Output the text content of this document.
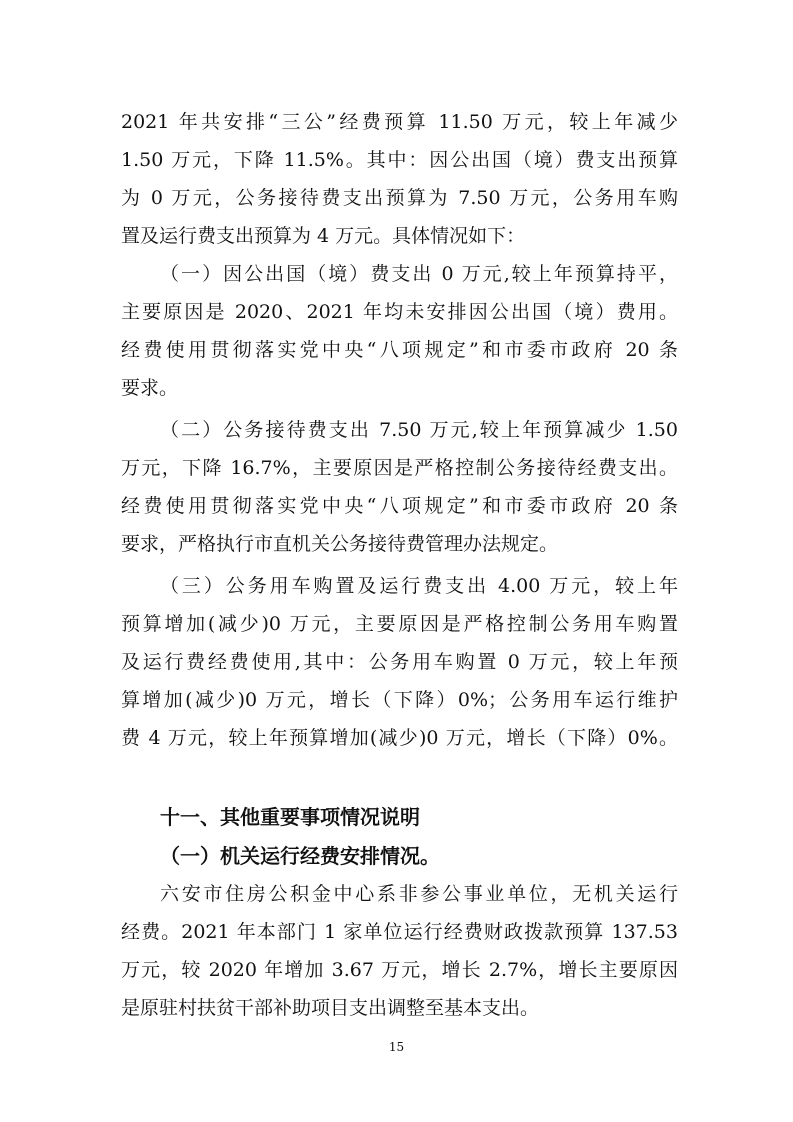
2021 年共安排“三公”经费预算 11.50 万元，较上年减少
1.50 万元，下降 11.5%。其中：因公出国（境）费支出预算
为 0 万元，公务接待费支出预算为 7.50 万元，公务用车购
置及运行费支出预算为 4 万元。具体情况如下：
（一）因公出国（境）费支出 0 万元,较上年预算持平，
主要原因是 2020、2021 年均未安排因公出国（境）费用。
经费使用贯彻落实党中央“八项规定”和市委市政府 20 条
要求。
（二）公务接待费支出 7.50 万元,较上年预算减少 1.50
万元，下降 16.7%，主要原因是严格控制公务接待经费支出。
经费使用贯彻落实党中央“八项规定”和市委市政府 20 条
要求，严格执行市直机关公务接待费管理办法规定。
（三）公务用车购置及运行费支出 4.00 万元，较上年
预算增加(减少)0 万元，主要原因是严格控制公务用车购置
及运行费经费使用,其中：公务用车购置 0 万元，较上年预
算增加(减少)0 万元，增长（下降）0%；公务用车运行维护
费 4 万元，较上年预算增加(减少)0 万元，增长（下降）0%。
十一、其他重要事项情况说明
（一）机关运行经费安排情况。
六安市住房公积金中心系非参公事业单位，无机关运行
经费。2021 年本部门 1 家单位运行经费财政拨款预算 137.53
万元，较 2020 年增加 3.67 万元，增长 2.7%，增长主要原因
是原驻村扶贫干部补助项目支出调整至基本支出。
15
